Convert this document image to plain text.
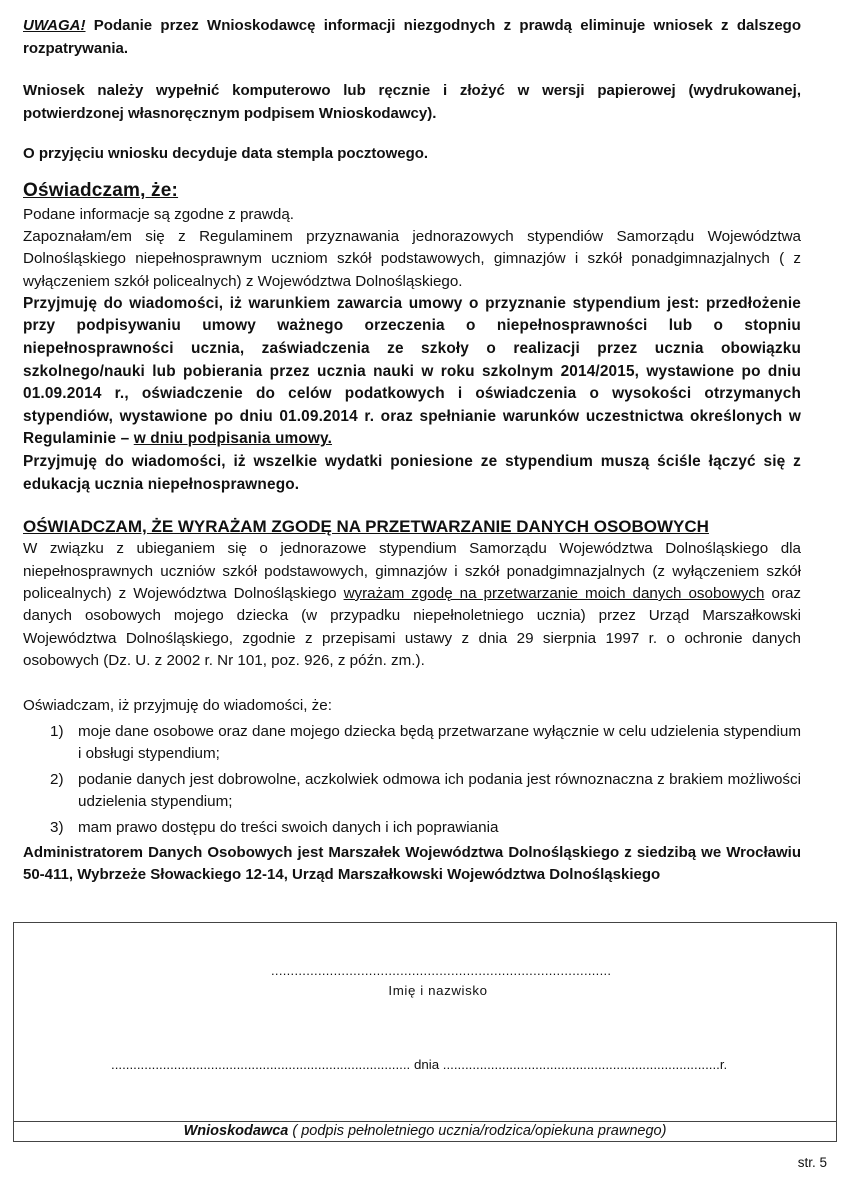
UWAGA! Podanie przez Wnioskodawcę informacji niezgodnych z prawdą eliminuje wniosek z dalszego rozpatrywania.

Wniosek należy wypełnić komputerowo lub ręcznie i złożyć w wersji papierowej (wydrukowanej, potwierdzonej własnoręcznym podpisem Wnioskodawcy).

O przyjęciu wniosku decyduje data stempla pocztowego.

Oświadczam, że:

Podane informacje są zgodne z prawdą.

Zapoznałam/em się z Regulaminem przyznawania jednorazowych stypendiów Samorządu Województwa Dolnośląskiego niepełnosprawnym uczniom szkół podstawowych, gimnazjów i szkół ponadgimnazjalnych ( z wyłączeniem szkół policealnych) z Województwa Dolnośląskiego.

Przyjmuję do wiadomości, iż warunkiem zawarcia umowy o przyznanie stypendium jest: przedłożenie przy podpisywaniu umowy ważnego orzeczenia o niepełnosprawności lub o stopniu niepełnosprawności ucznia, zaświadczenia ze szkoły o realizacji przez ucznia obowiązku szkolnego/nauki lub pobierania przez ucznia nauki w roku szkolnym 2014/2015, wystawione po dniu 01.09.2014 r., oświadczenie do celów podatkowych i oświadczenia o wysokości otrzymanych stypendiów, wystawione po dniu 01.09.2014 r. oraz spełnianie warunków uczestnictwa określonych w Regulaminie – w dniu podpisania umowy.

Przyjmuję do wiadomości, iż wszelkie wydatki poniesione ze stypendium muszą ściśle łączyć się z edukacją ucznia niepełnosprawnego.

OŚWIADCZAM, ŻE WYRAŻAM ZGODĘ NA PRZETWARZANIE DANYCH OSOBOWYCH

W związku z ubieganiem się o jednorazowe stypendium Samorządu Województwa Dolnośląskiego dla niepełnosprawnych uczniów szkół podstawowych, gimnazjów i szkół ponadgimnazjalnych (z wyłączeniem szkół policealnych) z Województwa Dolnośląskiego wyrażam zgodę na przetwarzanie moich danych osobowych oraz danych osobowych mojego dziecka (w przypadku niepełnoletniego ucznia) przez Urząd Marszałkowski Województwa Dolnośląskiego, zgodnie z przepisami ustawy z dnia 29 sierpnia 1997 r. o ochronie danych osobowych (Dz. U. z 2002 r. Nr 101, poz. 926, z późn. zm.).

Oświadczam, iż przyjmuję do wiadomości, że:

1) moje dane osobowe oraz dane mojego dziecka będą przetwarzane wyłącznie w celu udzielenia stypendium i obsługi stypendium;
2) podanie danych jest dobrowolne, aczkolwiek odmowa ich podania jest równoznaczna z brakiem możliwości udzielenia stypendium;
3) mam prawo dostępu do treści swoich danych i ich poprawiania

Administratorem Danych Osobowych jest Marszałek Województwa Dolnośląskiego z siedzibą we Wrocławiu 50-411, Wybrzeże Słowackiego 12-14, Urząd Marszałkowski Województwa Dolnośląskiego

.......................................................................................
Imię i nazwisko
................................................................................. dnia ...........................................................................r.
Wnioskodawca ( podpis pełnoletniego ucznia/rodzica/opiekuna prawnego)
str. 5
